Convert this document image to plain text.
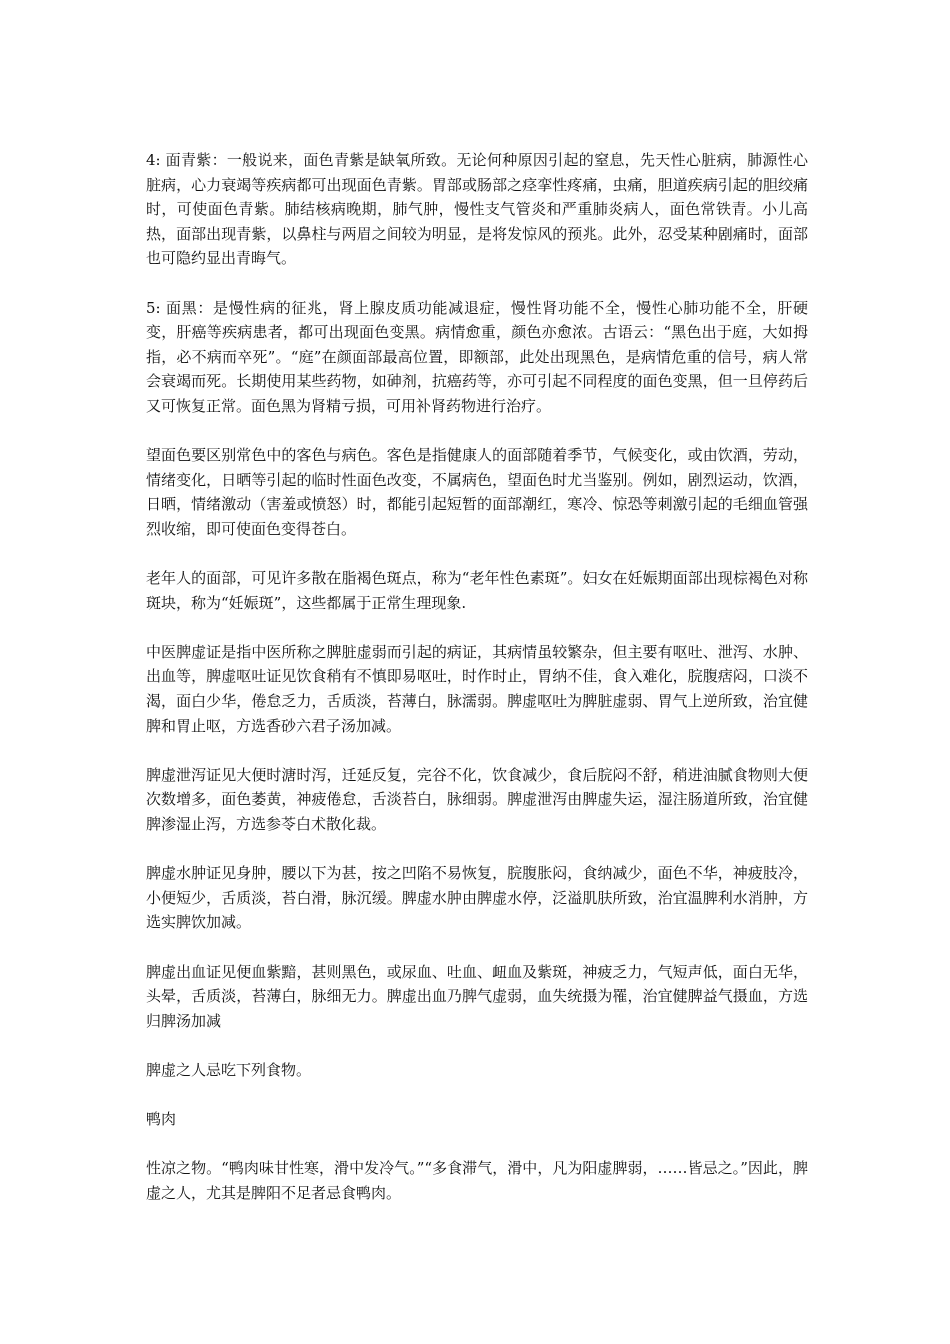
4: 面青紫：一般说来，面色青紫是缺氧所致。无论何种原因引起的窒息，先天性心脏病，肺源性心脏病，心力衰竭等疾病都可出现面色青紫。胃部或肠部之痉挛性疼痛，虫痛，胆道疾病引起的胆绞痛时，可使面色青紫。肺结核病晚期，肺气肿，慢性支气管炎和严重肺炎病人，面色常铁青。小儿高热，面部出现青紫，以鼻柱与两眉之间较为明显，是将发惊风的预兆。此外，忍受某种剧痛时，面部也可隐约显出青晦气。

5: 面黑：是慢性病的征兆，肾上腺皮质功能减退症，慢性肾功能不全，慢性心肺功能不全，肝硬变，肝癌等疾病患者，都可出现面色变黑。病情愈重，颜色亦愈浓。古语云：“黑色出于庭，大如拇指，必不病而卒死”。“庭”在颜面部最高位置，即额部，此处出现黑色，是病情危重的信号，病人常会衰竭而死。长期使用某些药物，如砷剂，抗癌药等，亦可引起不同程度的面色变黑，但一旦停药后又可恢复正常。面色黑为肾精亏损，可用补肾药物进行治疗。

望面色要区别常色中的客色与病色。客色是指健康人的面部随着季节，气候变化，或由饮酒，劳动，情绪变化，日晒等引起的临时性面色改变，不属病色，望面色时尤当鉴别。例如，剧烈运动，饮酒，日晒，情绪激动（害羞或愤怒）时，都能引起短暂的面部潮红，寒冷、惊恐等刺激引起的毛细血管强烈收缩，即可使面色变得苍白。

老年人的面部，可见许多散在脂褐色斑点，称为“老年性色素斑”。妇女在妊娠期面部出现棕褐色对称斑块，称为“妊娠斑”，这些都属于正常生理现象.

中医脾虚证是指中医所称之脾脏虚弱而引起的病证，其病情虽较繁杂，但主要有呕吐、泄泻、水肿、出血等，脾虚呕吐证见饮食稍有不慎即易呕吐，时作时止，胃纳不佳，食入难化，脘腹痞闷，口淡不渴，面白少华，倦怠乏力，舌质淡，苔薄白，脉濡弱。脾虚呕吐为脾脏虚弱、胃气上逆所致，治宜健脾和胃止呕，方选香砂六君子汤加减。

脾虚泄泻证见大便时溏时泻，迁延反复，完谷不化，饮食减少，食后脘闷不舒，稍进油腻食物则大便次数增多，面色萎黄，神疲倦怠，舌淡苔白，脉细弱。脾虚泄泻由脾虚失运，湿注肠道所致，治宜健脾渗湿止泻，方选参苓白术散化裁。

脾虚水肿证见身肿，腰以下为甚，按之凹陷不易恢复，脘腹胀闷，食纳减少，面色不华，神疲肢冷，小便短少，舌质淡，苔白滑，脉沉缓。脾虚水肿由脾虚水停，泛溢肌肤所致，治宜温脾利水消肿，方选实脾饮加减。

脾虚出血证见便血紫黯，甚则黑色，或尿血、吐血、衄血及紫斑，神疲乏力，气短声低，面白无华，头晕，舌质淡，苔薄白，脉细无力。脾虚出血乃脾气虚弱，血失统摄为罹，治宜健脾益气摄血，方选归脾汤加减

脾虚之人忌吃下列食物。

鸭肉

性凉之物。“鸭肉味甘性寒，滑中发冷气。”“多食滞气，滑中，凡为阳虚脾弱，……皆忌之。”因此，脾虚之人，尤其是脾阳不足者忌食鸭肉。
